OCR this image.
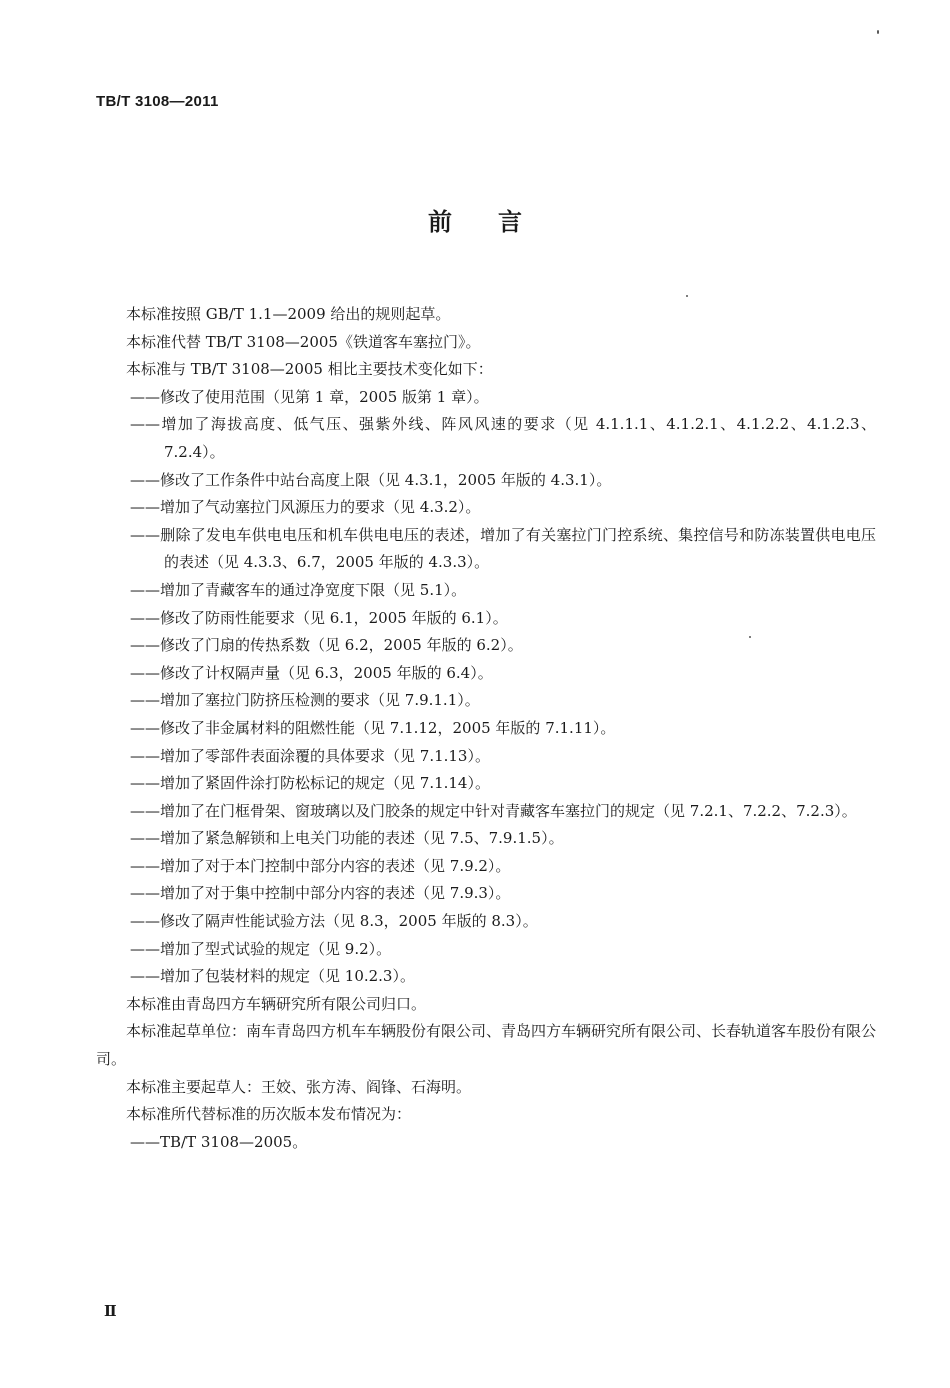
TB/T 3108—2011
前言

本标准按照 GB/T 1.1—2009 给出的规则起草。

本标准代替 TB/T 3108—2005《铁道客车塞拉门》。

本标准与 TB/T 3108—2005 相比主要技术变化如下：

——修改了使用范围（见第 1 章，2005 版第 1 章）。

——增加了海拔高度、低气压、强紫外线、阵风风速的要求（见 4.1.1.1、4.1.2.1、4.1.2.2、4.1.2.3、7.2.4）。

——修改了工作条件中站台高度上限（见 4.3.1，2005 年版的 4.3.1）。

——增加了气动塞拉门风源压力的要求（见 4.3.2）。

——删除了发电车供电电压和机车供电电压的表述，增加了有关塞拉门门控系统、集控信号和防冻装置供电电压的表述（见 4.3.3、6.7，2005 年版的 4.3.3）。

——增加了青藏客车的通过净宽度下限（见 5.1）。

——修改了防雨性能要求（见 6.1，2005 年版的 6.1）。

——修改了门扇的传热系数（见 6.2，2005 年版的 6.2）。

——修改了计权隔声量（见 6.3，2005 年版的 6.4）。

——增加了塞拉门防挤压检测的要求（见 7.9.1.1）。

——修改了非金属材料的阻燃性能（见 7.1.12，2005 年版的 7.1.11）。

——增加了零部件表面涂覆的具体要求（见 7.1.13）。

——增加了紧固件涂打防松标记的规定（见 7.1.14）。

——增加了在门框骨架、窗玻璃以及门胶条的规定中针对青藏客车塞拉门的规定（见 7.2.1、7.2.2、7.2.3）。

——增加了紧急解锁和上电关门功能的表述（见 7.5、7.9.1.5）。

——增加了对于本门控制中部分内容的表述（见 7.9.2）。

——增加了对于集中控制中部分内容的表述（见 7.9.3）。

——修改了隔声性能试验方法（见 8.3，2005 年版的 8.3）。

——增加了型式试验的规定（见 9.2）。

——增加了包装材料的规定（见 10.2.3）。

本标准由青岛四方车辆研究所有限公司归口。

本标准起草单位：南车青岛四方机车车辆股份有限公司、青岛四方车辆研究所有限公司、长春轨道客车股份有限公司。

本标准主要起草人：王姣、张方涛、阎锋、石海明。

本标准所代替标准的历次版本发布情况为：

——TB/T 3108—2005。

Ⅱ
